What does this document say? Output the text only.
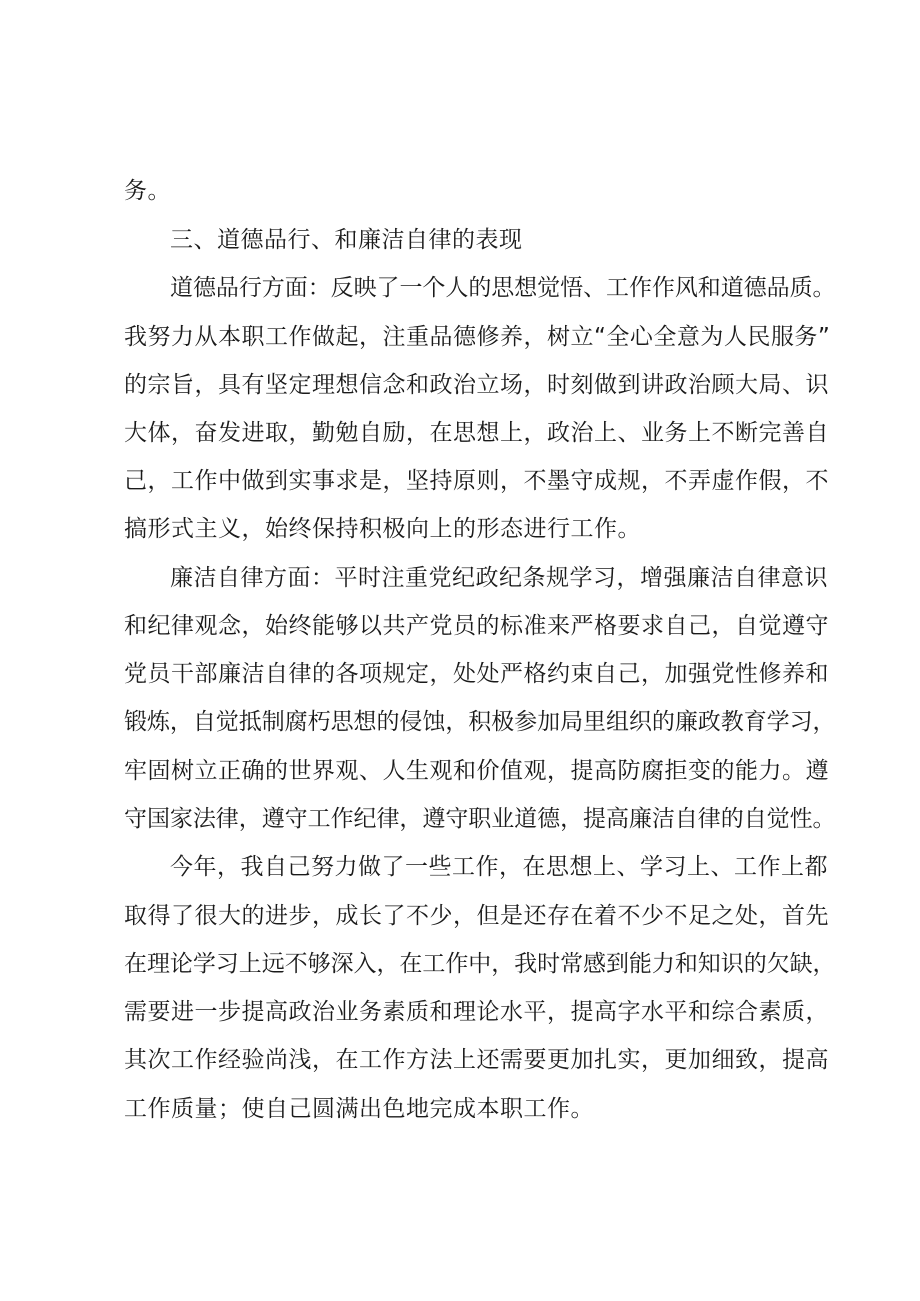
务。
三、道德品行、和廉洁自律的表现
道德品行方面：反映了一个人的思想觉悟、工作作风和道德品质。
我努力从本职工作做起，注重品德修养，树立“全心全意为人民服务”
的宗旨，具有坚定理想信念和政治立场，时刻做到讲政治顾大局、识
大体，奋发进取，勤勉自励，在思想上，政治上、业务上不断完善自
己，工作中做到实事求是，坚持原则，不墨守成规，不弄虚作假，不
搞形式主义，始终保持积极向上的形态进行工作。
廉洁自律方面：平时注重党纪政纪条规学习，增强廉洁自律意识
和纪律观念，始终能够以共产党员的标准来严格要求自己，自觉遵守
党员干部廉洁自律的各项规定，处处严格约束自己，加强党性修养和
锻炼，自觉抵制腐朽思想的侵蚀，积极参加局里组织的廉政教育学习，
牢固树立正确的世界观、人生观和价值观，提高防腐拒变的能力。遵
守国家法律，遵守工作纪律，遵守职业道德，提高廉洁自律的自觉性。
今年，我自己努力做了一些工作，在思想上、学习上、工作上都
取得了很大的进步，成长了不少，但是还存在着不少不足之处，首先
在理论学习上远不够深入，在工作中，我时常感到能力和知识的欠缺，
需要进一步提高政治业务素质和理论水平，提高字水平和综合素质，
其次工作经验尚浅，在工作方法上还需要更加扎实，更加细致，提高
工作质量；使自己圆满出色地完成本职工作。
